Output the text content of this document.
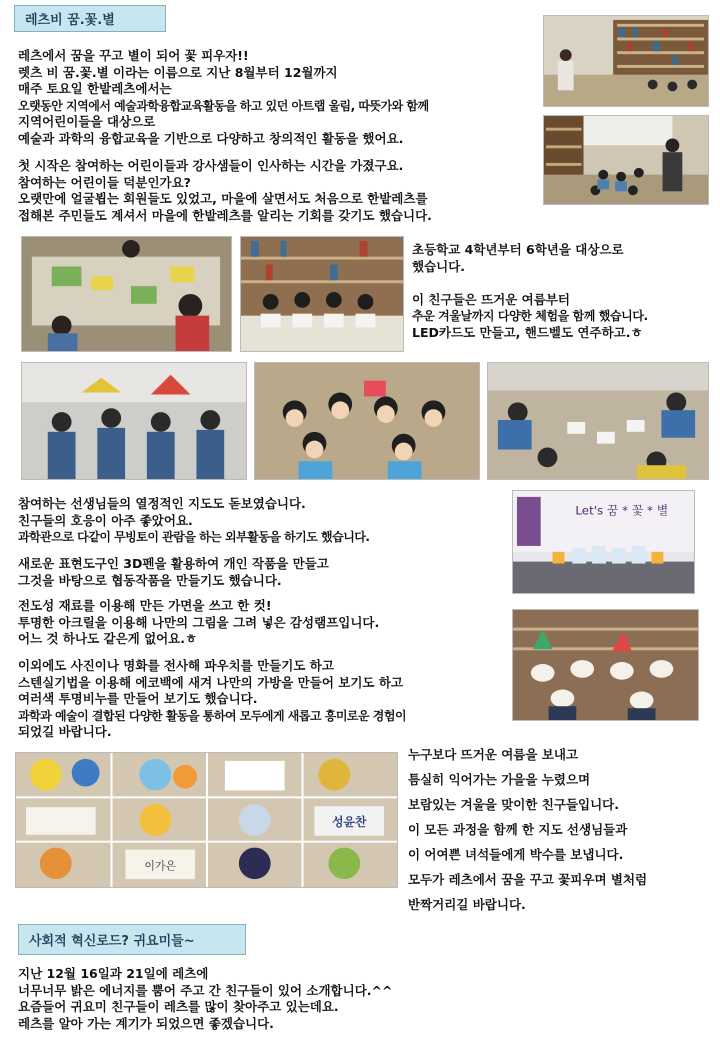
레츠비 꿈.꽃.별
레츠에서 꿈을 꾸고 별이 되어 꽃 피우자!!
렛츠 비 꿈.꽃.별 이라는 이름으로 지난 8월부터 12월까지
매주 토요일 한밭레츠에서는
오랫동안 지역에서 예술과학융합교육활동을 하고 있던 아트랩 울림, 따뜻가와 함께
지역어린이들을 대상으로
예술과 과학의 융합교육을 기반으로 다양하고 창의적인 활동을 했어요.
첫 시작은 참여하는 어린이들과 강사샘들이 인사하는 시간을 가졌구요.
참여하는 어린이들 덕분인가요?
오랫만에 얼굴뵙는 회원들도 있었고, 마을에 살면서도 처음으로 한밭레츠를
접해본 주민들도 계셔서 마을에 한밭레츠를 알리는 기회를 갖기도 했습니다.
초등학교 4학년부터 6학년을 대상으로
했습니다.

이 친구들은 뜨거운 여름부터
추운 겨울날까지 다양한 체험을 함께 했습니다.
LED카드도 만들고, 핸드벨도 연주하고.ㅎ
참여하는 선생님들의 열정적인 지도도 돋보였습니다.
친구들의 호응이 아주 좋았어요.
과학관으로 다같이 무빙토이 관람을 하는 외부활동을 하기도 했습니다.
새로운 표현도구인 3D펜을 활용하여 개인 작품을 만들고
그것을 바탕으로 협동작품을 만들기도 했습니다.
전도성 재료를 이용해 만든 가면을 쓰고 한 컷!
투명한 아크릴을 이용해 나만의 그림을 그려 넣은 감성램프입니다.
어느 것 하나도 같은게 없어요.ㅎ
이외에도 사진이나 명화를 전사해 파우치를 만들기도 하고
스텐실기법을 이용해 에코백에 새겨 나만의 가방을 만들어 보기도 하고
여러색 투명비누를 만들어 보기도 했습니다.
과학과 예술이 결합된 다양한 활동을 통하여 모두에게 새롭고 흥미로운 경험이
되었길 바랍니다.
누구보다 뜨거운 여름을 보내고
틈실히 익어가는 가을을 누렸으며
보람있는 겨울을 맞이한 친구들입니다.
이 모든 과정을 함께 한 지도 선생님들과
이 어여쁜 녀석들에게 박수를 보냅니다.
모두가 레츠에서 꿈을 꾸고 꽃피우며 별처럼
반짝거리길 바랍니다.
사회적 혁신로드? 귀요미들~
지난 12월 16일과 21일에 레츠에
너무너무 밝은 에너지를 뿜어 주고 간 친구들이 있어 소개합니다.^^
요즘들어 귀요미 친구들이 레츠를 많이 찾아주고 있는데요.
레츠를 알아 가는 계기가 되었으면 좋겠습니다.
Let's 꿈 * 꽃 * 별
성윤찬
이가은
